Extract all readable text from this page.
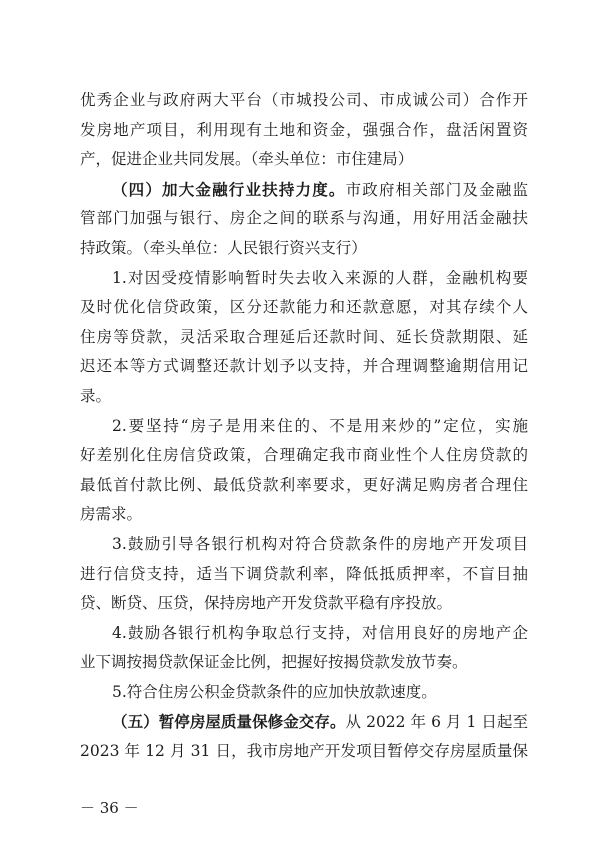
优秀企业与政府两大平台（市城投公司、市成诚公司）合作开
发房地产项目，利用现有土地和资金，强强合作，盘活闲置资
产，促进企业共同发展。（牵头单位：市住建局）
（四）加大金融行业扶持力度。市政府相关部门及金融监
管部门加强与银行、房企之间的联系与沟通，用好用活金融扶
持政策。（牵头单位：人民银行资兴支行）
1.对因受疫情影响暂时失去收入来源的人群，金融机构要
及时优化信贷政策，区分还款能力和还款意愿，对其存续个人
住房等贷款，灵活采取合理延后还款时间、延长贷款期限、延
迟还本等方式调整还款计划予以支持，并合理调整逾期信用记
录。
2.要坚持“房子是用来住的、不是用来炒的”定位，实施
好差别化住房信贷政策，合理确定我市商业性个人住房贷款的
最低首付款比例、最低贷款利率要求，更好满足购房者合理住
房需求。
3.鼓励引导各银行机构对符合贷款条件的房地产开发项目
进行信贷支持，适当下调贷款利率，降低抵质押率，不盲目抽
贷、断贷、压贷，保持房地产开发贷款平稳有序投放。
4.鼓励各银行机构争取总行支持，对信用良好的房地产企
业下调按揭贷款保证金比例，把握好按揭贷款发放节奏。
5.符合住房公积金贷款条件的应加快放款速度。
（五）暂停房屋质量保修金交存。从 2022 年 6 月 1 日起至
2023 年 12 月 31 日，我市房地产开发项目暂停交存房屋质量保
－ 36 －
